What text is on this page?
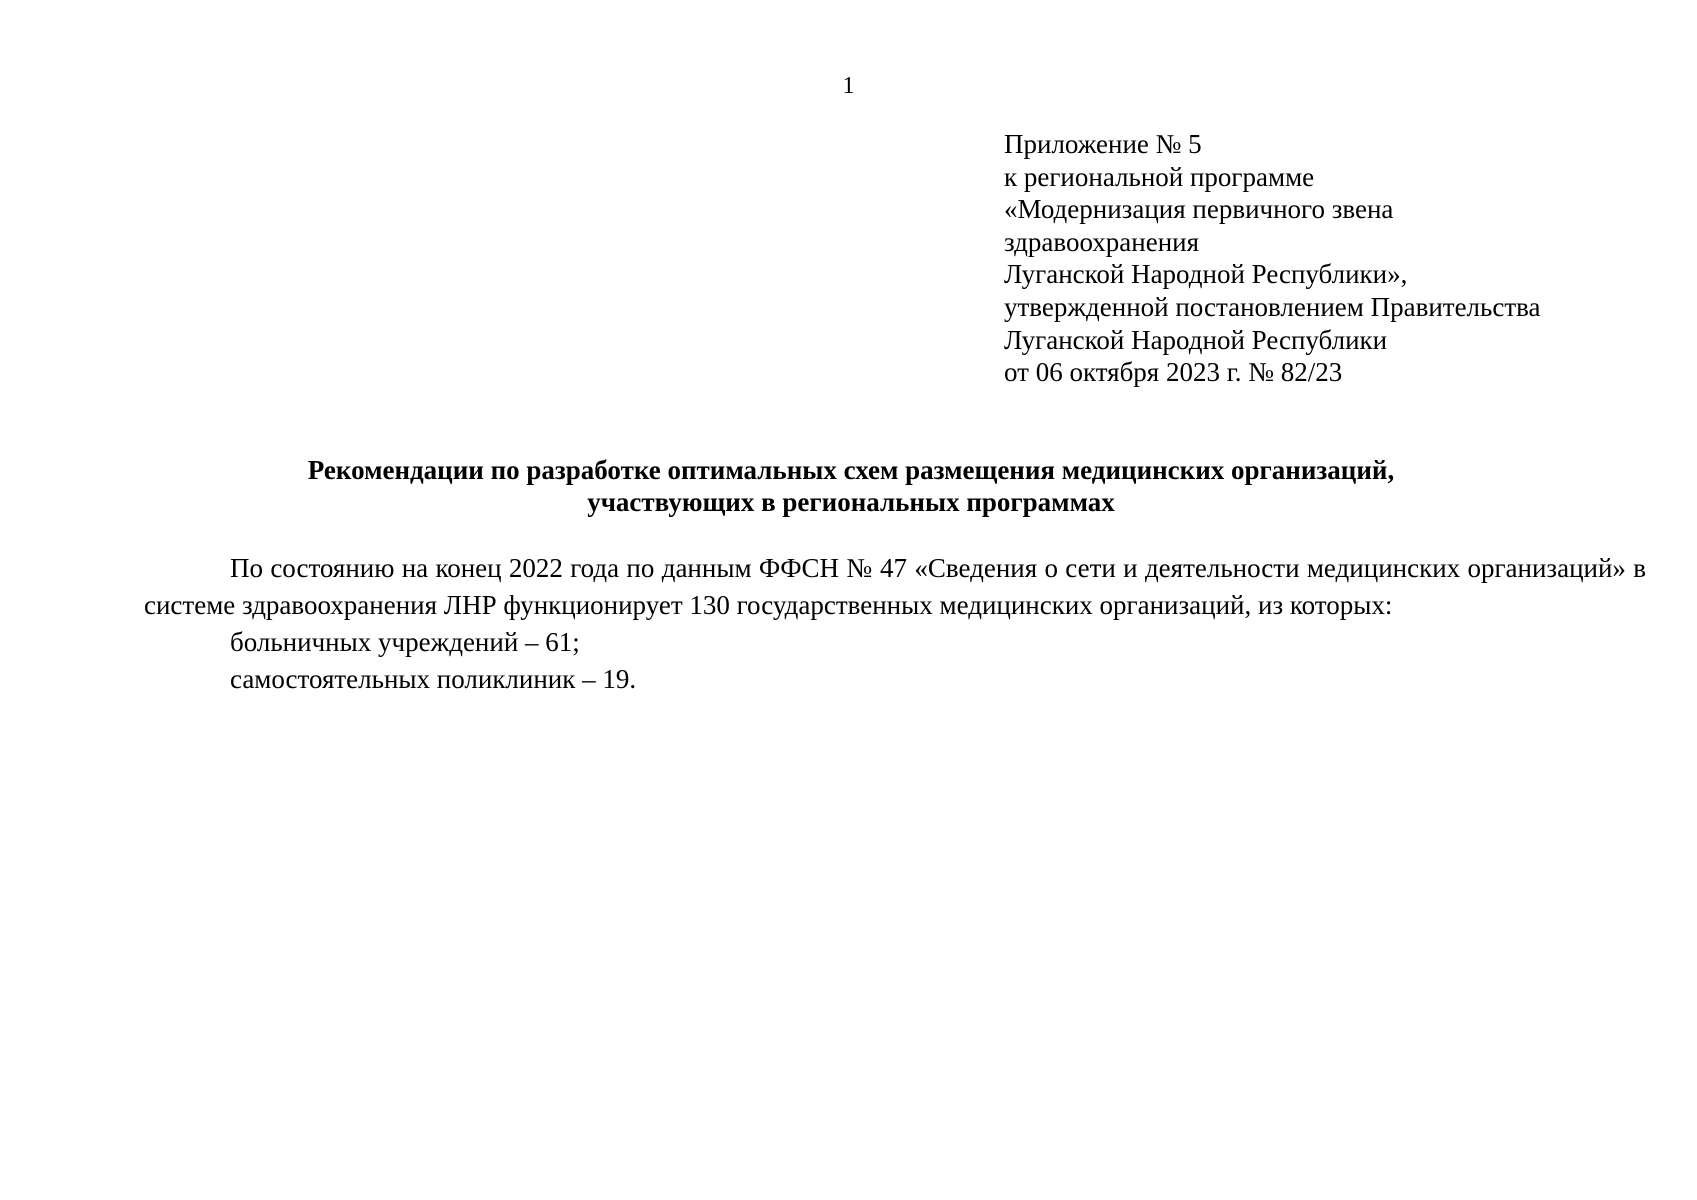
1
Приложение № 5
к региональной программе
«Модернизация первичного звена
здравоохранения
Луганской Народной Республики»,
утвержденной постановлением Правительства
Луганской Народной Республики
от 06 октября 2023 г. № 82/23
Рекомендации по разработке оптимальных схем размещения медицинских организаций,
участвующих в региональных программах

По состоянию на конец 2022 года по данным ФФСН № 47 «Сведения о сети и деятельности медицинских организаций» в системе здравоохранения ЛНР функционирует 130 государственных медицинских организаций, из которых:

больничных учреждений – 61;

самостоятельных поликлиник – 19.
